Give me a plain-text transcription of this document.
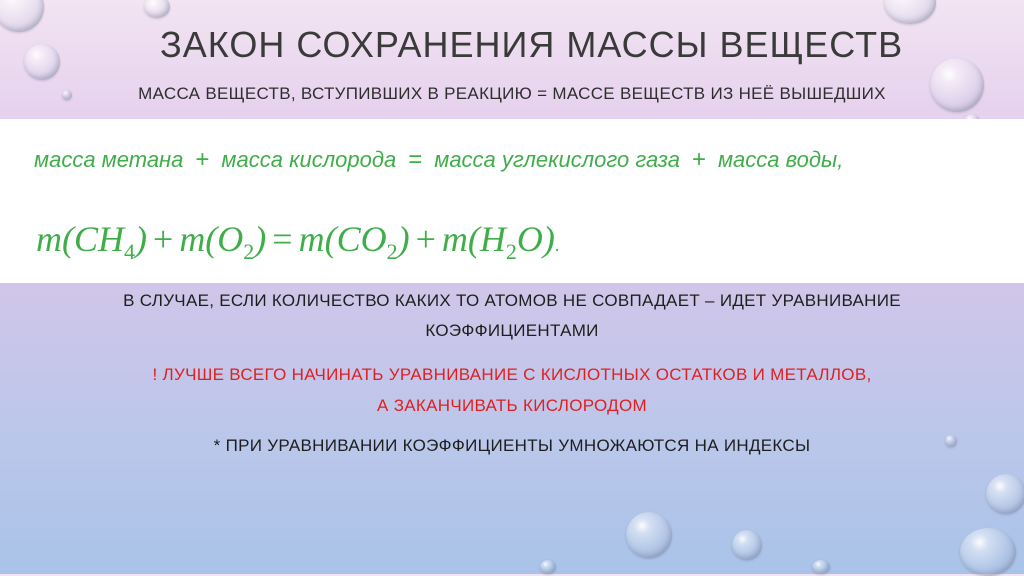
ЗАКОН СОХРАНЕНИЯ МАССЫ ВЕЩЕСТВ
МАССА ВЕЩЕСТВ, ВСТУПИВШИХ В РЕАКЦИЮ = МАССЕ ВЕЩЕСТВ ИЗ НЕЁ ВЫШЕДШИХ
масса метана + масса кислорода = масса углекислого газа + масса воды,
$m(CH_4) + m(O_2) = m(CO_2) + m(H_2O)$.
В СЛУЧАЕ, ЕСЛИ КОЛИЧЕСТВО КАКИХ ТО АТОМОВ НЕ СОВПАДАЕТ – ИДЕТ УРАВНИВАНИЕ
КОЭФФИЦИЕНТАМИ
! ЛУЧШЕ ВСЕГО НАЧИНАТЬ УРАВНИВАНИЕ С КИСЛОТНЫХ ОСТАТКОВ И МЕТАЛЛОВ,
А ЗАКАНЧИВАТЬ КИСЛОРОДОМ
* ПРИ УРАВНИВАНИИ КОЭФФИЦИЕНТЫ УМНОЖАЮТСЯ НА ИНДЕКСЫ
